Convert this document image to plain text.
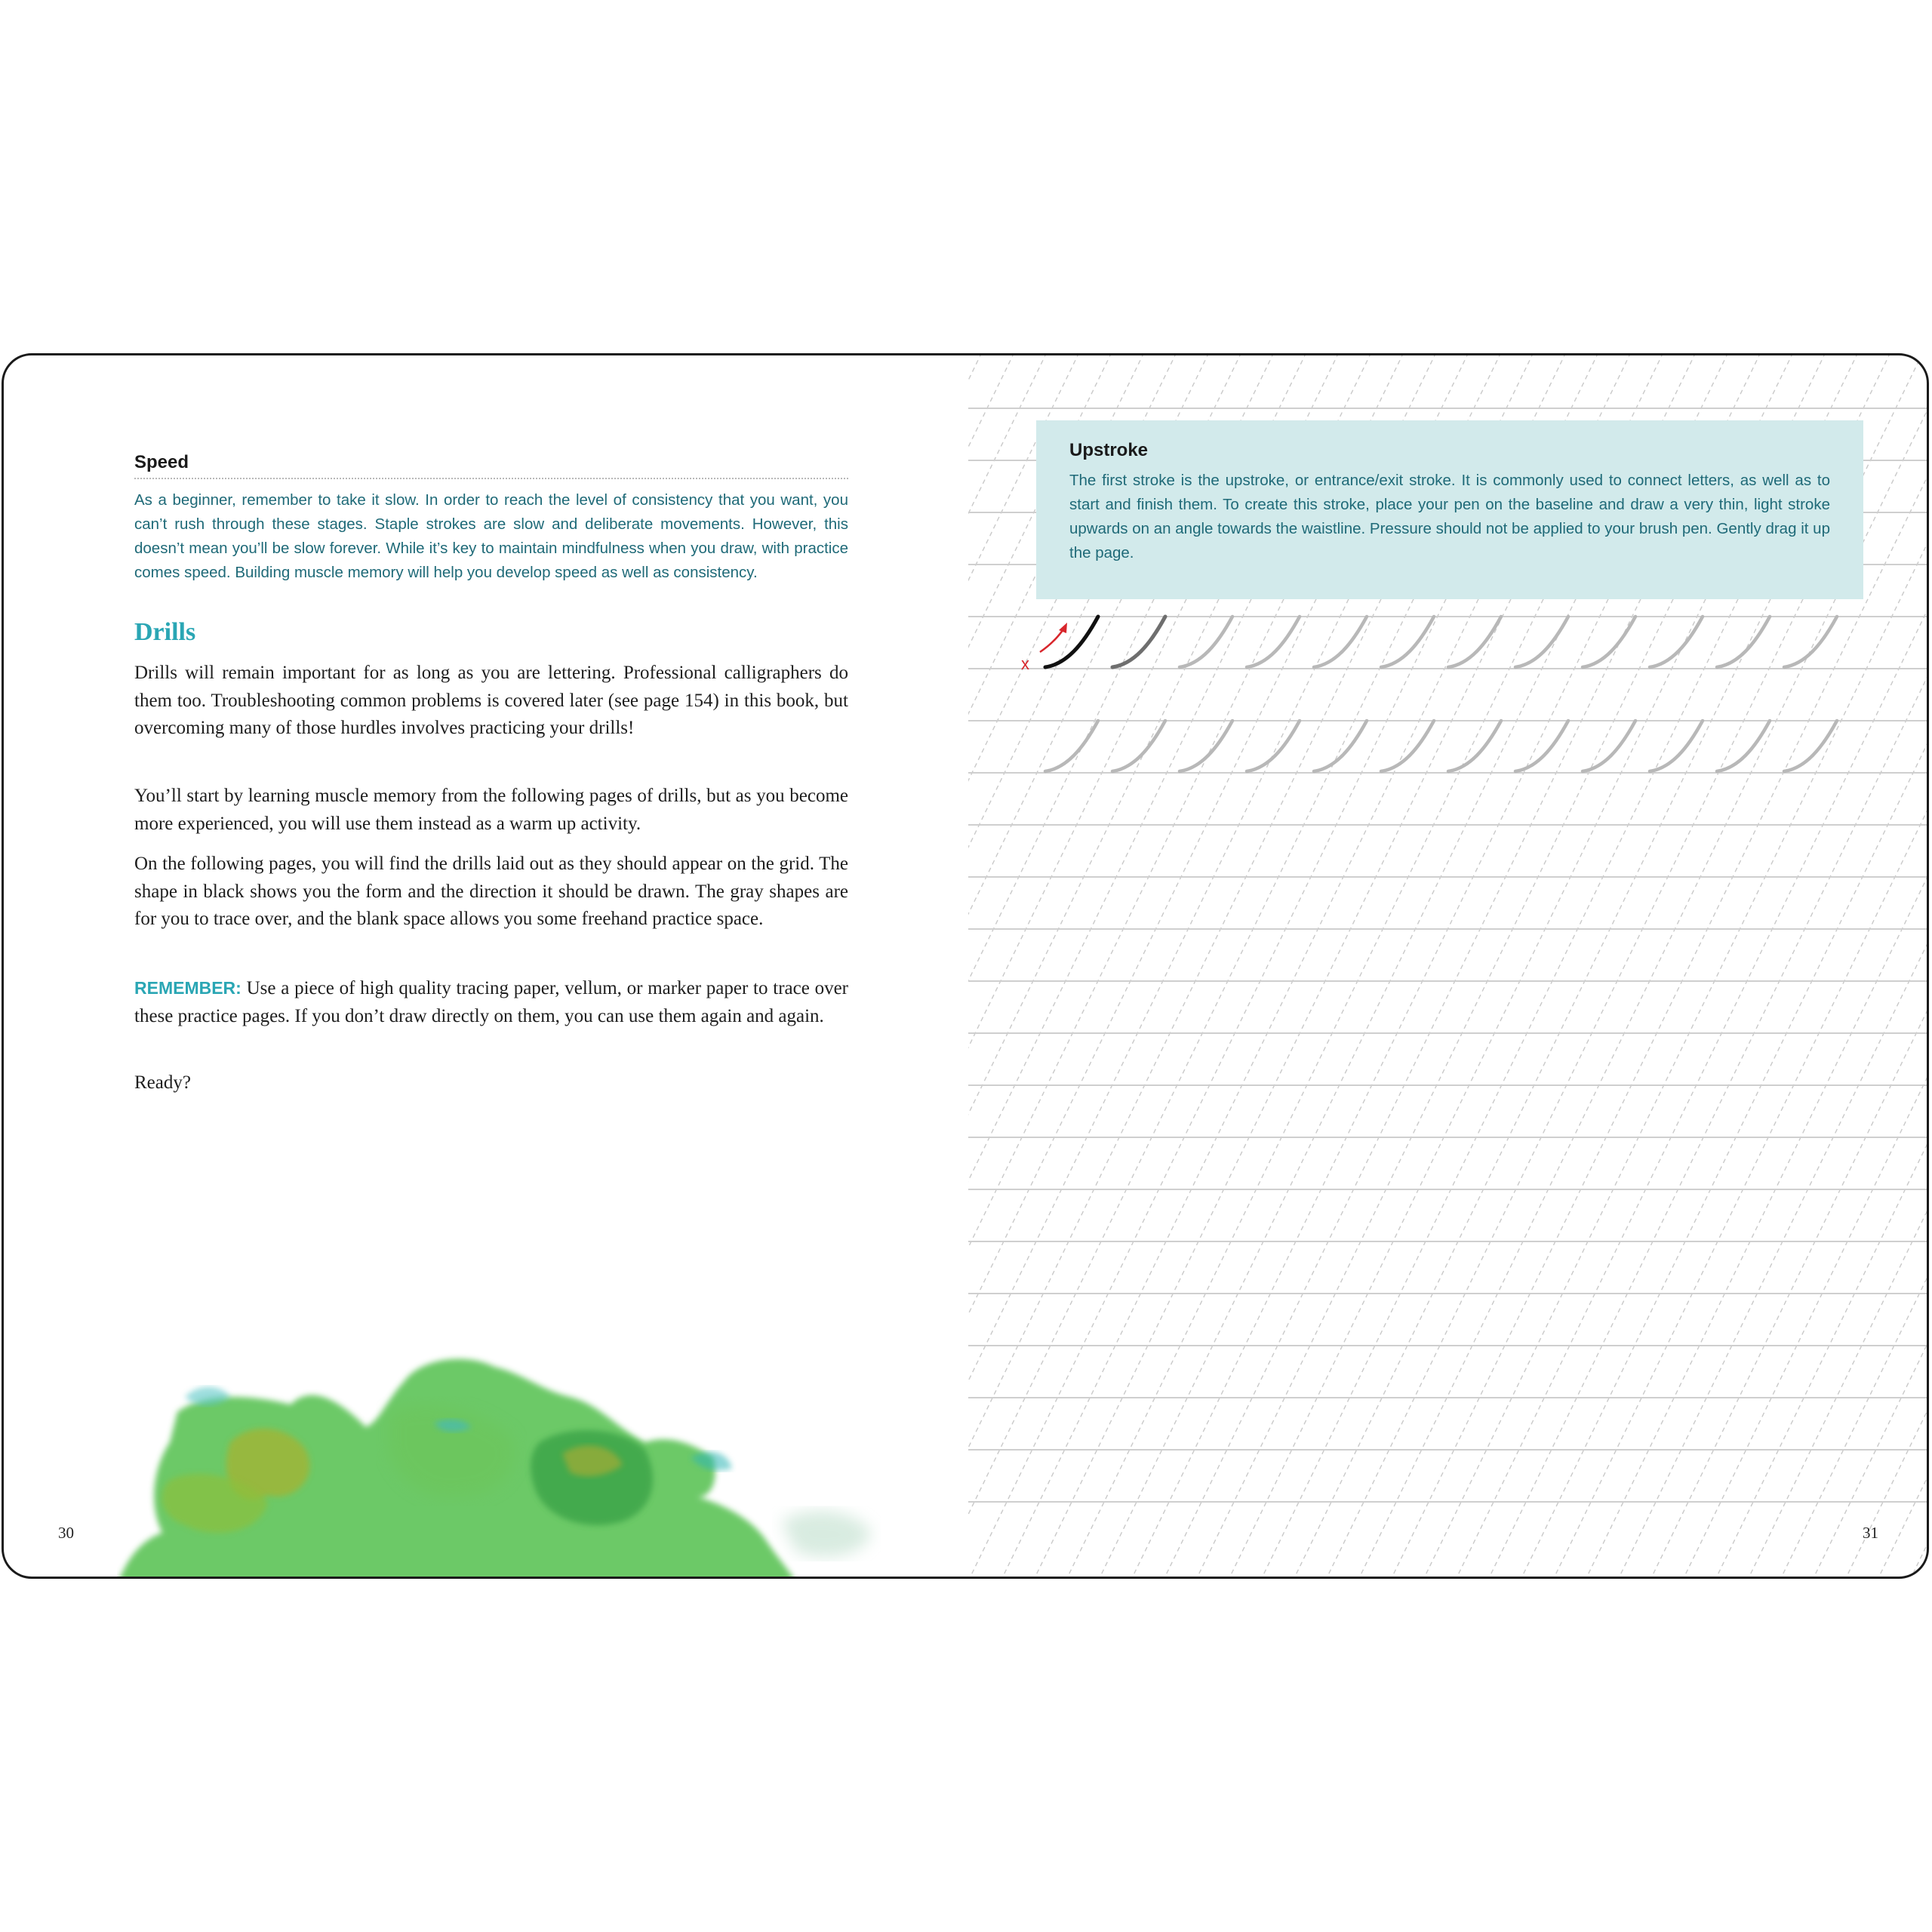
Speed
As a beginner, remember to take it slow. In order to reach the level of consistency that you want, you can’t rush through these stages. Staple strokes are slow and deliberate movements. However, this doesn’t mean you’ll be slow forever. While it’s key to maintain mindfulness when you draw, with practice comes speed. Building muscle memory will help you develop speed as well as consistency.
Drills

Drills will remain important for as long as you are lettering. Professional calligraphers do them too. Troubleshooting common problems is covered later (see page 154) in this book, but overcoming many of those hurdles involves practicing your drills!

You’ll start by learning muscle memory from the following pages of drills, but as you become more experienced, you will use them instead as a warm up activity.

On the following pages, you will find the drills laid out as they should appear on the grid. The shape in black shows you the form and the direction it should be drawn. The gray shapes are for you to trace over, and the blank space allows you some freehand practice space.

REMEMBER: Use a piece of high quality tracing paper, vellum, or marker paper to trace over these practice pages. If you don’t draw directly on them, you can use them again and again.

Ready?

30
x
Upstroke
The first stroke is the upstroke, or entrance/exit stroke. It is commonly used to connect letters, as well as to start and finish them. To create this stroke, place your pen on the baseline and draw a very thin, light stroke upwards on an angle towards the waistline. Pressure should not be applied to your brush pen. Gently drag it up the page.
31
